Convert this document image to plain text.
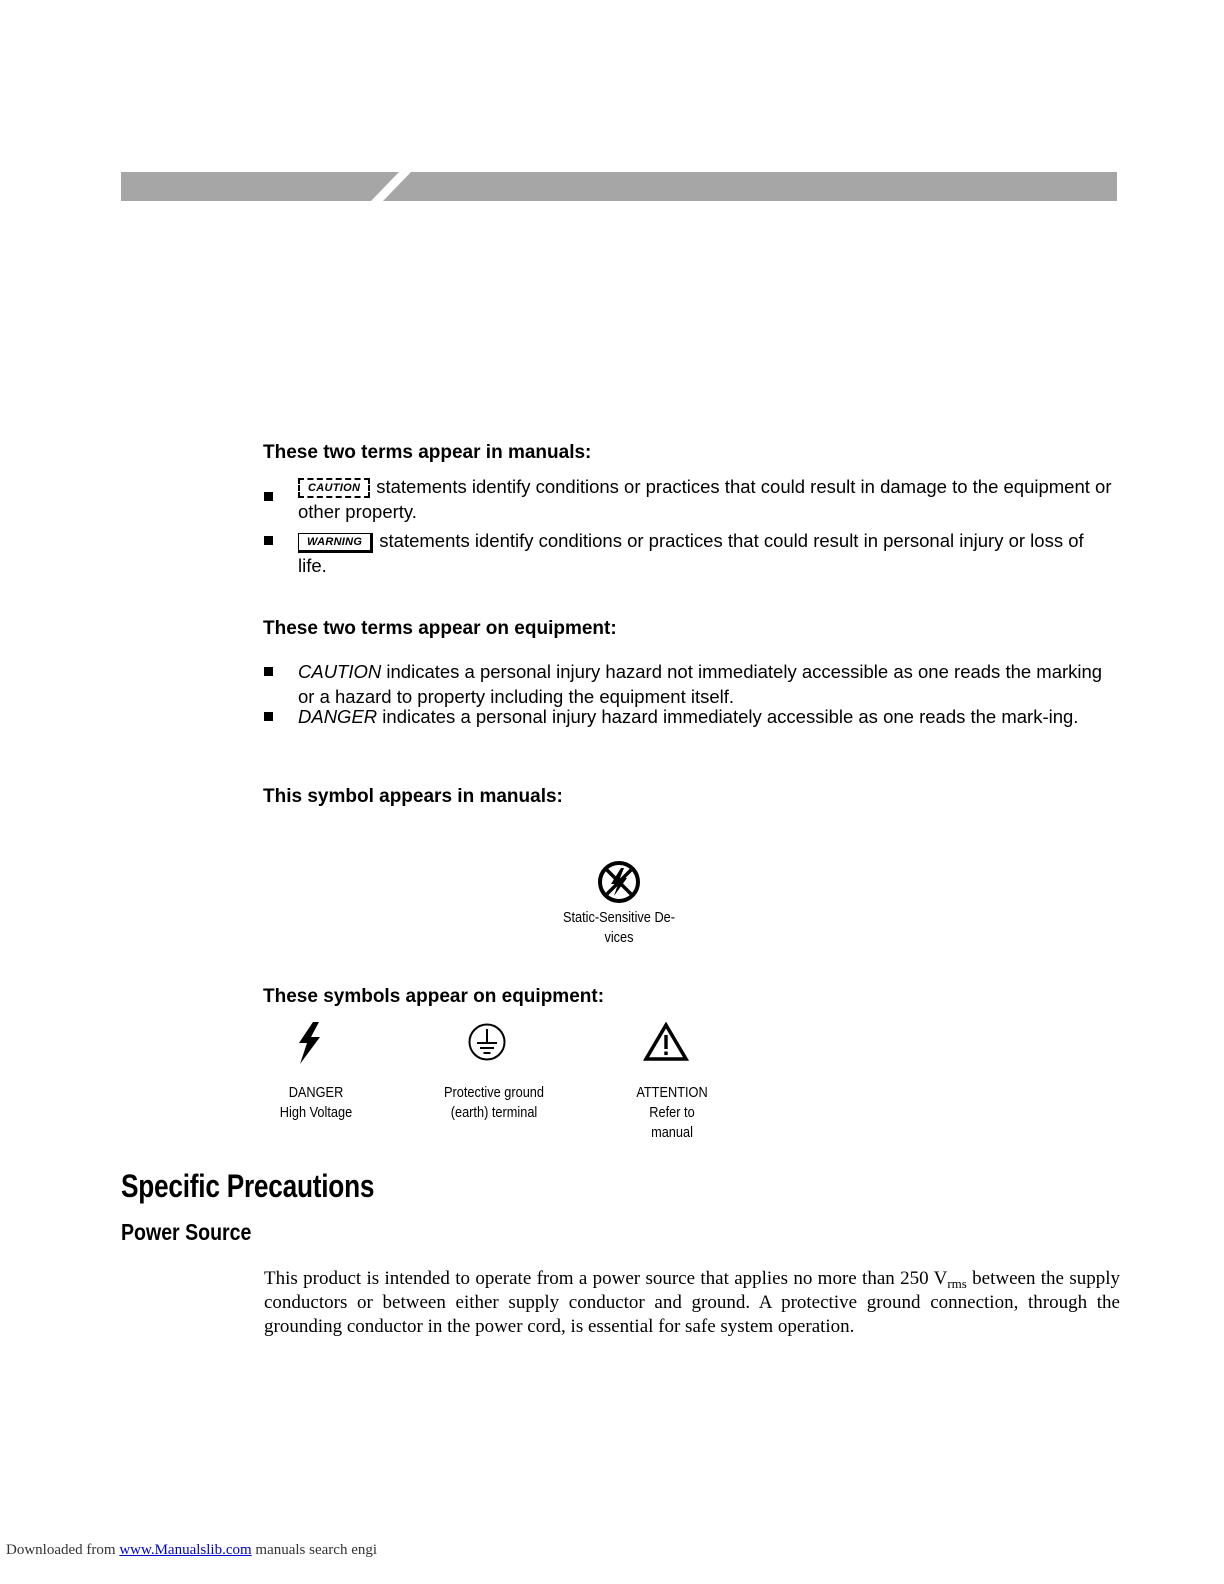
These two terms appear in manuals:
CAUTION statements identify conditions or practices that could result in damage to the equipment or other property.
WARNING statements identify conditions or practices that could result in personal injury or loss of life.
These two terms appear on equipment:
CAUTION indicates a personal injury hazard not immediately accessible as one reads the marking or a hazard to property including the equipment itself.
DANGER indicates a personal injury hazard immediately accessible as one reads the mark-ing.
This symbol appears in manuals:
Static-Sensitive De-
vices
These symbols appear on equipment:
DANGER
High Voltage
Protective ground
(earth) terminal
ATTENTION
Refer to
manual
Specific Precautions
Power Source
This product is intended to operate from a power source that applies no more than 250 $V_{rms}$ between the supply conductors or between either supply conductor and ground. A protective ground connection, through the grounding conductor in the power cord, is essential for safe system operation.
Downloaded from www.Manualslib.com manuals search engi
